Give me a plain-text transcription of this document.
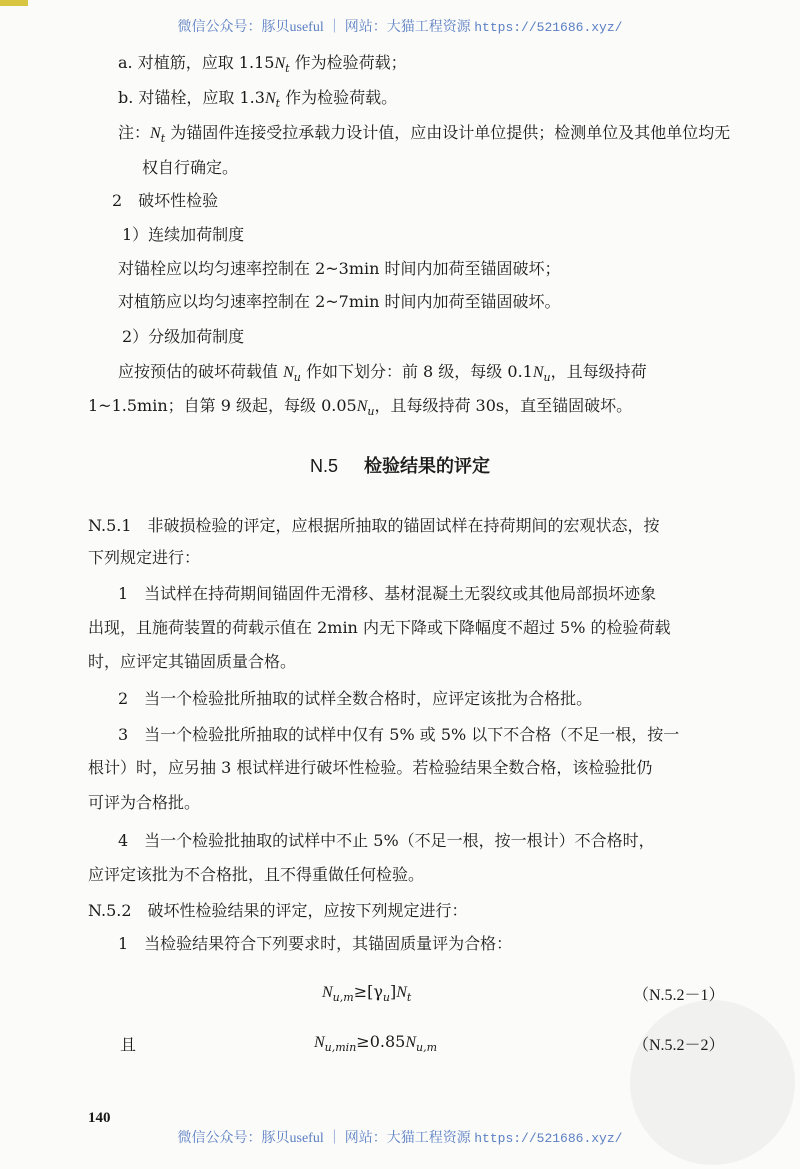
微信公众号：豚贝useful ｜ 网站：大猫工程资源 https://521686.xyz/
a. 对植筋，应取 $1.15N_t$ 作为检验荷载；
b. 对锚栓，应取 $1.3N_t$ 作为检验荷载。
注：$N_t$ 为锚固件连接受拉承载力设计值，应由设计单位提供；检测单位及其他单位均无
权自行确定。
2　破坏性检验
1）连续加荷制度
对锚栓应以均匀速率控制在 2~3min 时间内加荷至锚固破坏；
对植筋应以均匀速率控制在 2~7min 时间内加荷至锚固破坏。
2）分级加荷制度
应按预估的破坏荷载值 $N_u$ 作如下划分：前 8 级，每级 $0.1N_u$，且每级持荷
1~1.5min；自第 9 级起，每级 $0.05N_u$，且每级持荷 30s，直至锚固破坏。
N.5.1　非破损检验的评定，应根据所抽取的锚固试样在持荷期间的宏观状态，按
下列规定进行：
1　当试样在持荷期间锚固件无滑移、基材混凝土无裂纹或其他局部损坏迹象
出现，且施荷装置的荷载示值在 2min 内无下降或下降幅度不超过 5% 的检验荷载
时，应评定其锚固质量合格。
2　当一个检验批所抽取的试样全数合格时，应评定该批为合格批。
3　当一个检验批所抽取的试样中仅有 5% 或 5% 以下不合格（不足一根，按一
根计）时，应另抽 3 根试样进行破坏性检验。若检验结果全数合格，该检验批仍
可评为合格批。
4　当一个检验批抽取的试样中不止 5%（不足一根，按一根计）不合格时，
应评定该批为不合格批，且不得重做任何检验。
N.5.2　破坏性检验结果的评定，应按下列规定进行：
1　当检验结果符合下列要求时，其锚固质量评为合格：
$N_{u,m}\ge[\gamma_u]N_t$
且	$N_{u,min}\ge 0.85N_{u,m}$
N.5 检验结果的评定
（N.5.2－1）
（N.5.2－2）
140
微信公众号：豚贝useful ｜ 网站：大猫工程资源 https://521686.xyz/
